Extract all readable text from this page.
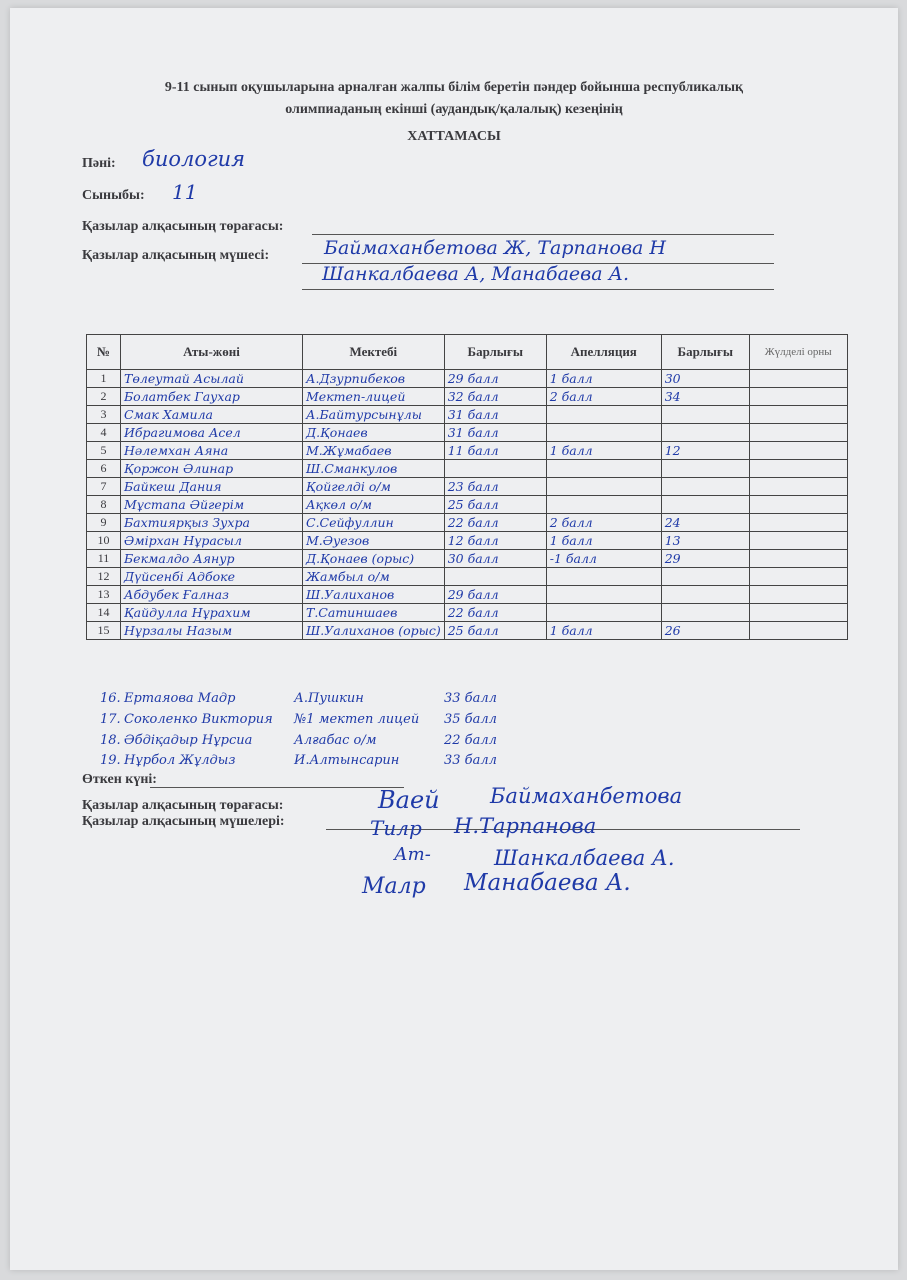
9-11 сынып оқушыларына арналған жалпы білім беретін пәндер бойынша республикалық
олимпиаданың екінші (аудандық/қалалық) кезеңінің
ХАТТАМАСЫ
Пәні: биология
Сыныбы: 11
Қазылар алқасының төрағасы:
Қазылар алқасының мүшесі:	Баймаханбетова Ж, Тарпанова Н
Шанкалбаева А, Манабаева А.
№	Аты-жөні	Мектебі	Барлығы	Апелляция	Барлығы	Жүлделі орны
1	Төлеутай Асылай	А.Дзурпибеков	29 балл	1 балл	30	
2	Болатбек Гаухар	Мектеп-лицей	32 балл	2 балл	34	
3	Смак Хамила	А.Байтурсынұлы	31 балл			
4	Ибрагимова Асел	Д.Қонаев	31 балл			
5	Нәлемхан Аяна	М.Жұмабаев	11 балл	1 балл	12	
6	Қоржон Әлинар	Ш.Сманкулов				
7	Байкеш Дания	Қойгелді о/м	23 балл			
8	Мұстапа Әйгерім	Ақкөл о/м	25 балл			
9	Бахтиярқыз Зухра	С.Сейфуллин	22 балл	2 балл	24	
10	Әмірхан Нұрасыл	М.Әуезов	12 балл	1 балл	13	
11	Бекмалдо Аянур	Д.Қонаев (орыс)	30 балл	-1 балл	29	
12	Дүйсенбі Адбоке	Жамбыл о/м				
13	Абдубек Ғалназ	Ш.Уалиханов	29 балл			
14	Қайдулла Нұрахим	Т.Сатиншаев	22 балл			
15	Нұрзалы Назым	Ш.Уалиханов (орыс)	25 балл	1 балл	26	
16. Ертаяова Мадр	А.Пушкин	33 балл
17. Соколенко Виктория №1 мектеп лицей 35 балл
18. Әбдіқадыр Нұрсиа	Алғабас о/м	22 балл
19. Нұрбол Жұлдыз	И.Алтынсарин	33 балл
Өткен күні:
Қазылар алқасының төрағасы:
Қазылар алқасының мүшелері:
Ваей Баймаханбетова
Тилр Н.Тарпанова
Ат-	Шанкалбаева А.
Малр Манабаева А.
